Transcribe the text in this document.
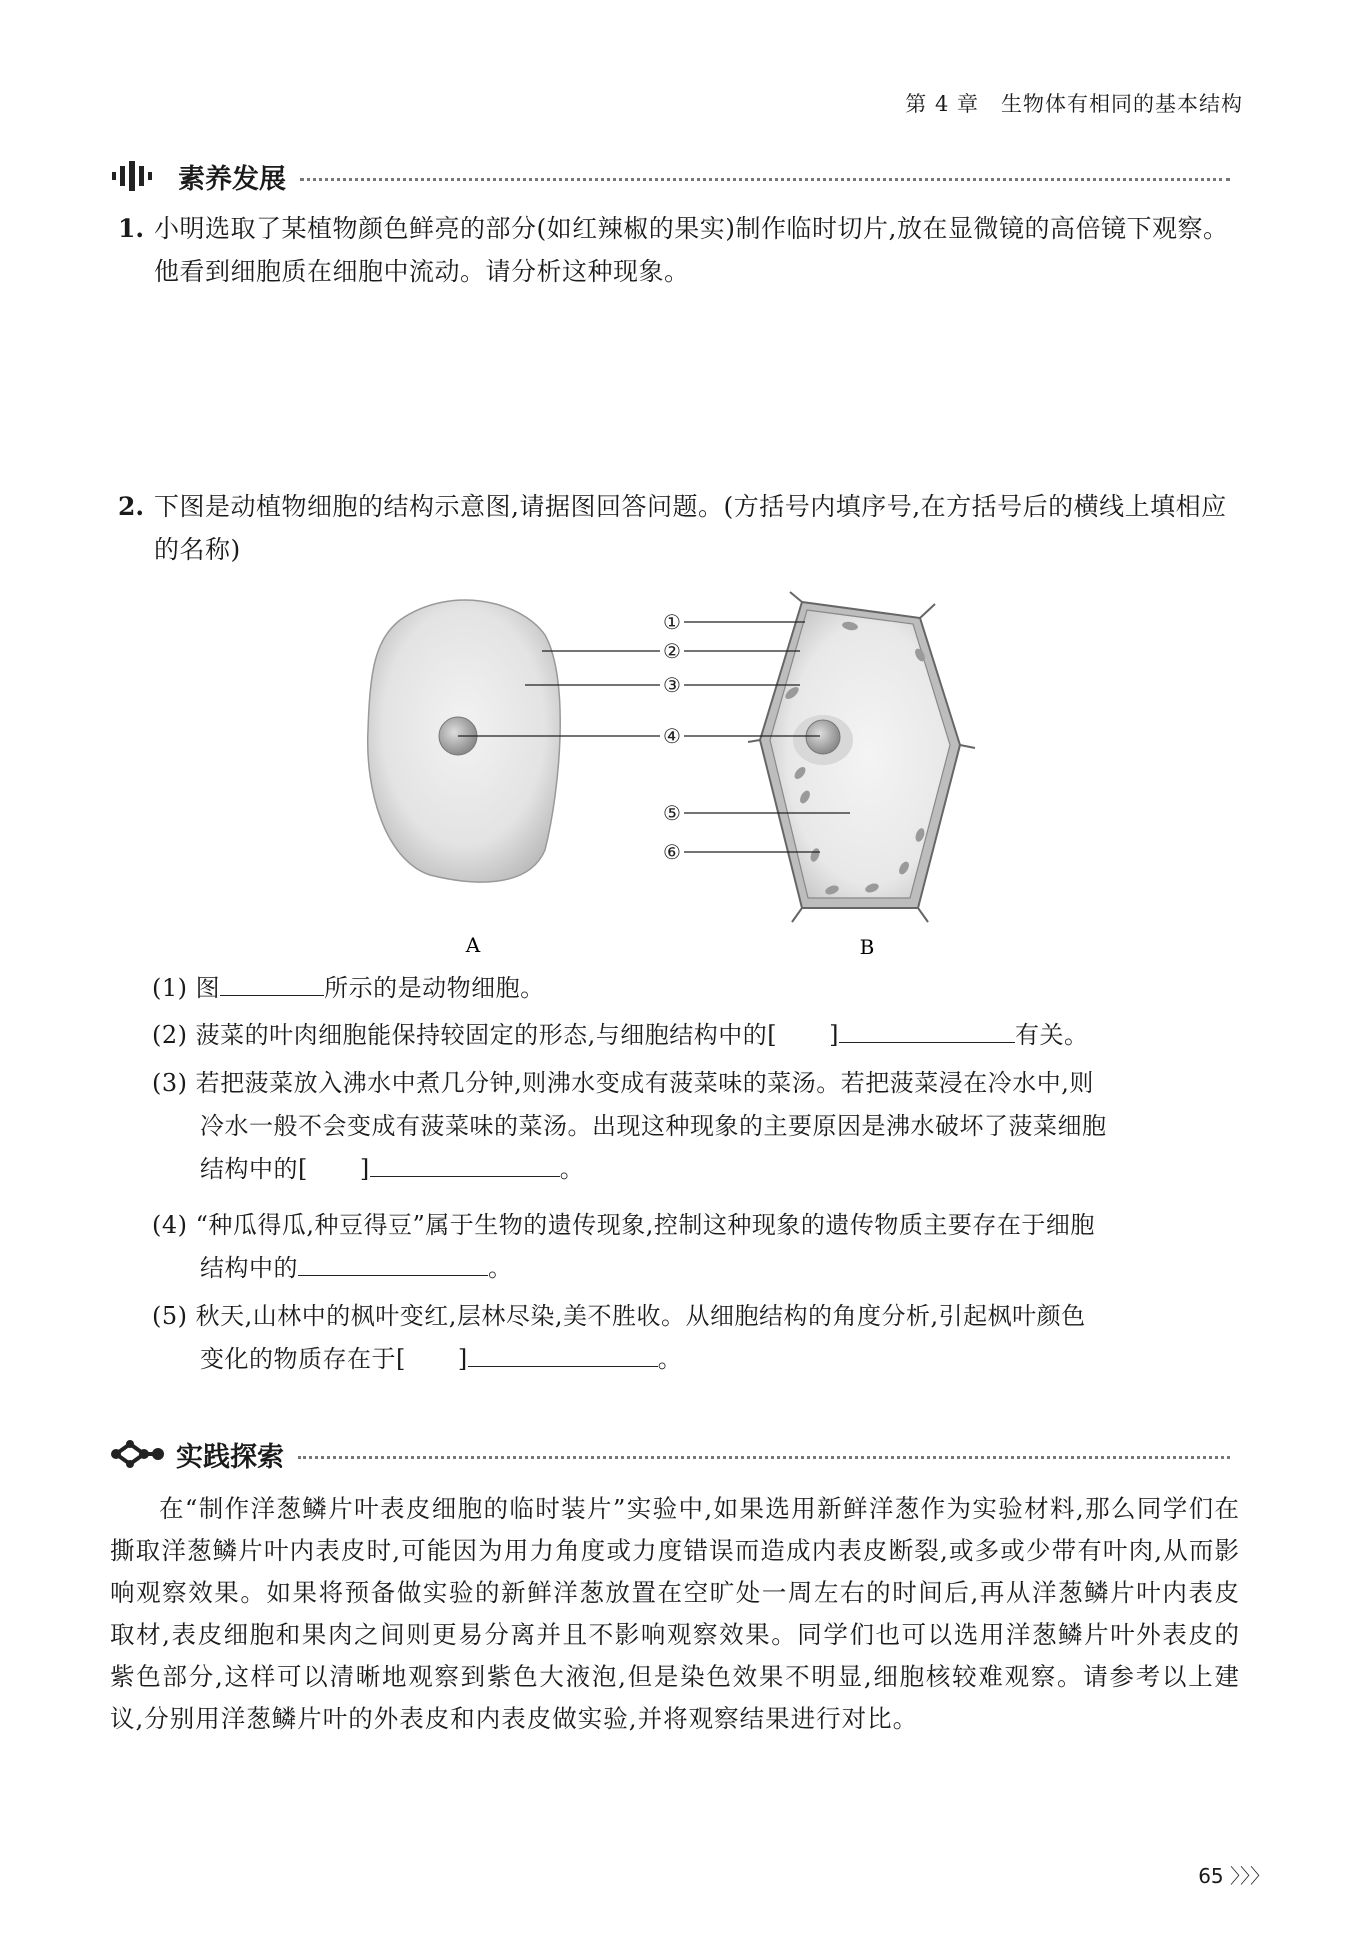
第 4 章　生物体有相同的基本结构
素养发展
1. 小明选取了某植物颜色鲜亮的部分(如红辣椒的果实)制作临时切片,放在显微镜的高倍镜下观察。他看到细胞质在细胞中流动。请分析这种现象。
2. 下图是动植物细胞的结构示意图,请据图回答问题。(方括号内填序号,在方括号后的横线上填相应的名称)
①
②
③
④
⑤
⑥
A	B
(1) 图	所示的是动物细胞。
(2) 菠菜的叶肉细胞能保持较固定的形态,与细胞结构中的[ ]	有关。
(3) 若把菠菜放入沸水中煮几分钟,则沸水变成有菠菜味的菜汤。若把菠菜浸在冷水中,则
冷水一般不会变成有菠菜味的菜汤。出现这种现象的主要原因是沸水破坏了菠菜细胞
结构中的[ ]	。
(4) “种瓜得瓜,种豆得豆”属于生物的遗传现象,控制这种现象的遗传物质主要存在于细胞
结构中的	。
(5) 秋天,山林中的枫叶变红,层林尽染,美不胜收。从细胞结构的角度分析,引起枫叶颜色
变化的物质存在于[ ]	。
实践探索
在“制作洋葱鳞片叶表皮细胞的临时装片”实验中,如果选用新鲜洋葱作为实验材料,那么同学们在撕取洋葱鳞片叶内表皮时,可能因为用力角度或力度错误而造成内表皮断裂,或多或少带有叶肉,从而影响观察效果。如果将预备做实验的新鲜洋葱放置在空旷处一周左右的时间后,再从洋葱鳞片叶内表皮取材,表皮细胞和果肉之间则更易分离并且不影响观察效果。同学们也可以选用洋葱鳞片叶外表皮的紫色部分,这样可以清晰地观察到紫色大液泡,但是染色效果不明显,细胞核较难观察。请参考以上建议,分别用洋葱鳞片叶的外表皮和内表皮做实验,并将观察结果进行对比。
65 〉〉〉
